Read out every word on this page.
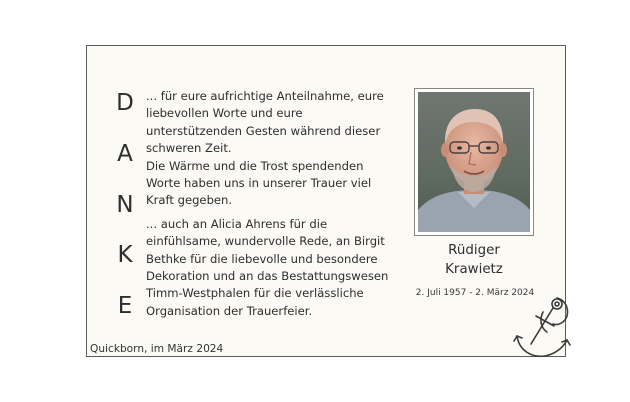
D
A
N
K
E

... für eure aufrichtige Anteilnahme, eure
liebevollen Worte und eure
unterstützenden Gesten während dieser
schweren Zeit.
Die Wärme und die Trost spendenden
Worte haben uns in unserer Trauer viel
Kraft gegeben.

... auch an Alicia Ahrens für die
einfühlsame, wundervolle Rede, an Birgit
Bethke für die liebevolle und besondere
Dekoration und an das Bestattungswesen
Timm-Westphalen für die verlässliche
Organisation der Trauerfeier.

Rüdiger
Krawietz
2. Juli 1957 - 2. März 2024
Quickborn, im März 2024
